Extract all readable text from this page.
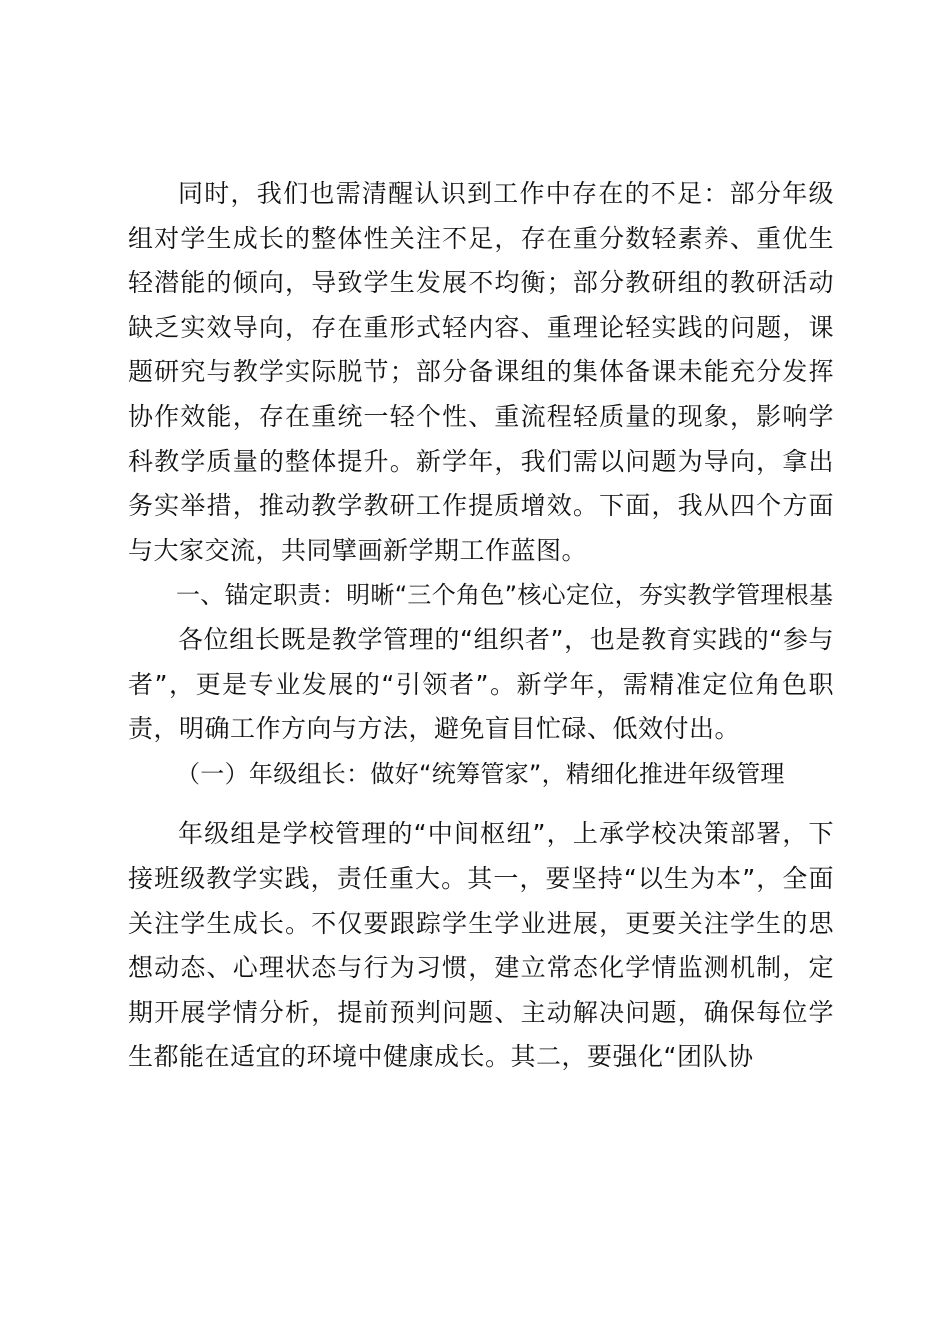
同时，我们也需清醒认识到工作中存在的不足：部分年级组对学生成长的整体性关注不足，存在重分数轻素养、重优生轻潜能的倾向，导致学生发展不均衡；部分教研组的教研活动缺乏实效导向，存在重形式轻内容、重理论轻实践的问题，课题研究与教学实际脱节；部分备课组的集体备课未能充分发挥协作效能，存在重统一轻个性、重流程轻质量的现象，影响学科教学质量的整体提升。新学年，我们需以问题为导向，拿出务实举措，推动教学教研工作提质增效。下面，我从四个方面与大家交流，共同擘画新学期工作蓝图。

一、锚定职责：明晰“三个角色”核心定位，夯实教学管理根基

各位组长既是教学管理的“组织者”，也是教育实践的“参与者”，更是专业发展的“引领者”。新学年，需精准定位角色职责，明确工作方向与方法，避免盲目忙碌、低效付出。

（一）年级组长：做好“统筹管家”，精细化推进年级管理

年级组是学校管理的“中间枢纽”，上承学校决策部署，下接班级教学实践，责任重大。其一，要坚持“以生为本”，全面关注学生成长。不仅要跟踪学生学业进展，更要关注学生的思想动态、心理状态与行为习惯，建立常态化学情监测机制，定期开展学情分析，提前预判问题、主动解决问题，确保每位学生都能在适宜的环境中健康成长。其二，要强化“团队协
